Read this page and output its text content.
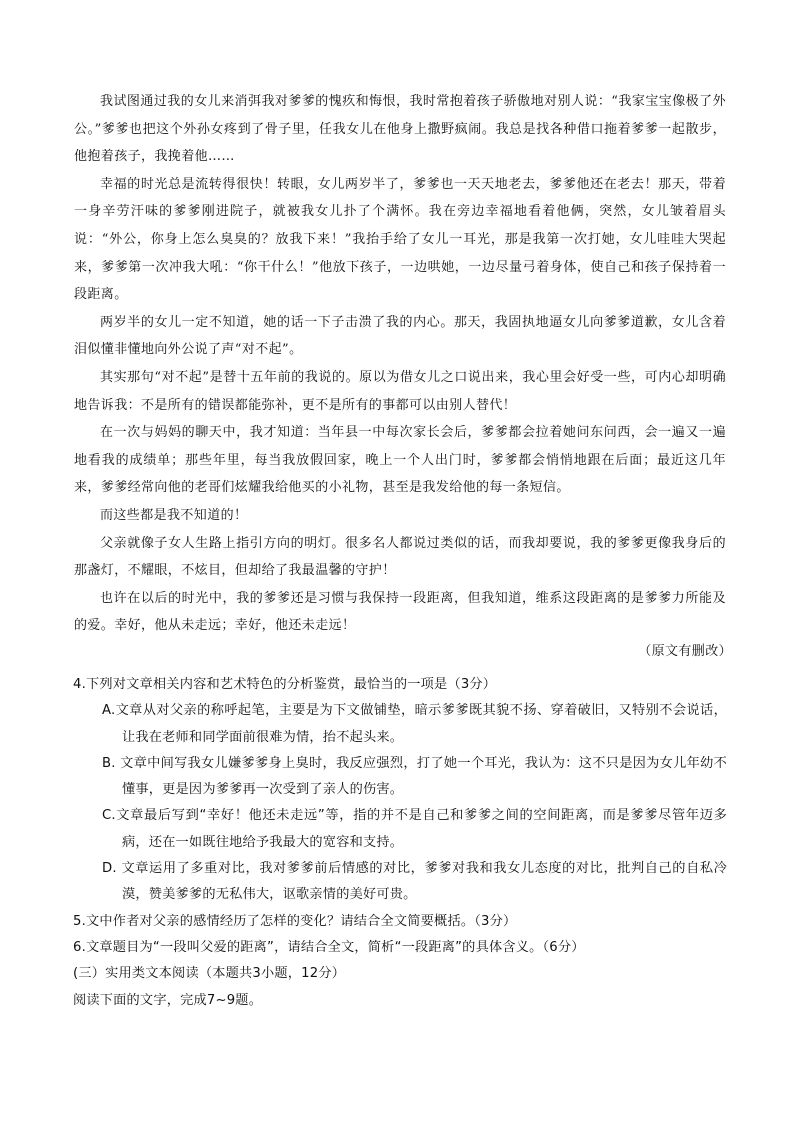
我试图通过我的女儿来消弭我对爹爹的愧疚和悔恨，我时常抱着孩子骄傲地对别人说：“我家宝宝像极了外公。”爹爹也把这个外孙女疼到了骨子里，任我女儿在他身上撒野疯闹。我总是找各种借口拖着爹爹一起散步，他抱着孩子，我挽着他……

幸福的时光总是流转得很快！转眼，女儿两岁半了，爹爹也一天天地老去，爹爹他还在老去！那天，带着一身辛劳汗味的爹爹刚进院子，就被我女儿扑了个满怀。我在旁边幸福地看着他俩，突然，女儿皱着眉头说：“外公，你身上怎么臭臭的？放我下来！”我抬手给了女儿一耳光，那是我第一次打她，女儿哇哇大哭起来，爹爹第一次冲我大吼：“你干什么！”他放下孩子，一边哄她，一边尽量弓着身体，使自己和孩子保持着一段距离。

两岁半的女儿一定不知道，她的话一下子击溃了我的内心。那天，我固执地逼女儿向爹爹道歉，女儿含着泪似懂非懂地向外公说了声“对不起”。

其实那句“对不起”是替十五年前的我说的。原以为借女儿之口说出来，我心里会好受一些，可内心却明确地告诉我：不是所有的错误都能弥补，更不是所有的事都可以由别人替代！

在一次与妈妈的聊天中，我才知道：当年县一中每次家长会后，爹爹都会拉着她问东问西，会一遍又一遍地看我的成绩单；那些年里，每当我放假回家，晚上一个人出门时，爹爹都会悄悄地跟在后面；最近这几年来，爹爹经常向他的老哥们炫耀我给他买的小礼物，甚至是我发给他的每一条短信。

而这些都是我不知道的！

父亲就像子女人生路上指引方向的明灯。很多名人都说过类似的话，而我却要说，我的爹爹更像我身后的那盏灯，不耀眼，不炫目，但却给了我最温馨的守护！

也许在以后的时光中，我的爹爹还是习惯与我保持一段距离，但我知道，维系这段距离的是爹爹力所能及的爱。幸好，他从未走远；幸好，他还未走远！

（原文有删改）

4.下列对文章相关内容和艺术特色的分析鉴赏，最恰当的一项是（3分）

A.文章从对父亲的称呼起笔，主要是为下文做铺垫，暗示爹爹既其貌不扬、穿着破旧，又特别不会说话，让我在老师和同学面前很难为情，抬不起头来。

B. 文章中间写我女儿嫌爹爹身上臭时，我反应强烈，打了她一个耳光，我认为：这不只是因为女儿年幼不懂事，更是因为爹爹再一次受到了亲人的伤害。

C.文章最后写到“幸好！他还未走远”等，指的并不是自己和爹爹之间的空间距离，而是爹爹尽管年迈多病，还在一如既往地给予我最大的宽容和支持。

D. 文章运用了多重对比，我对爹爹前后情感的对比，爹爹对我和我女儿态度的对比，批判自己的自私冷漠，赞美爹爹的无私伟大，讴歌亲情的美好可贵。

5.文中作者对父亲的感情经历了怎样的变化？请结合全文简要概括。（3分）

6.文章题目为“一段叫父爱的距离”，请结合全文，简析“一段距离”的具体含义。（6分）

(三）实用类文本阅读（本题共3小题，12分）

阅读下面的文字，完成7~9题。
